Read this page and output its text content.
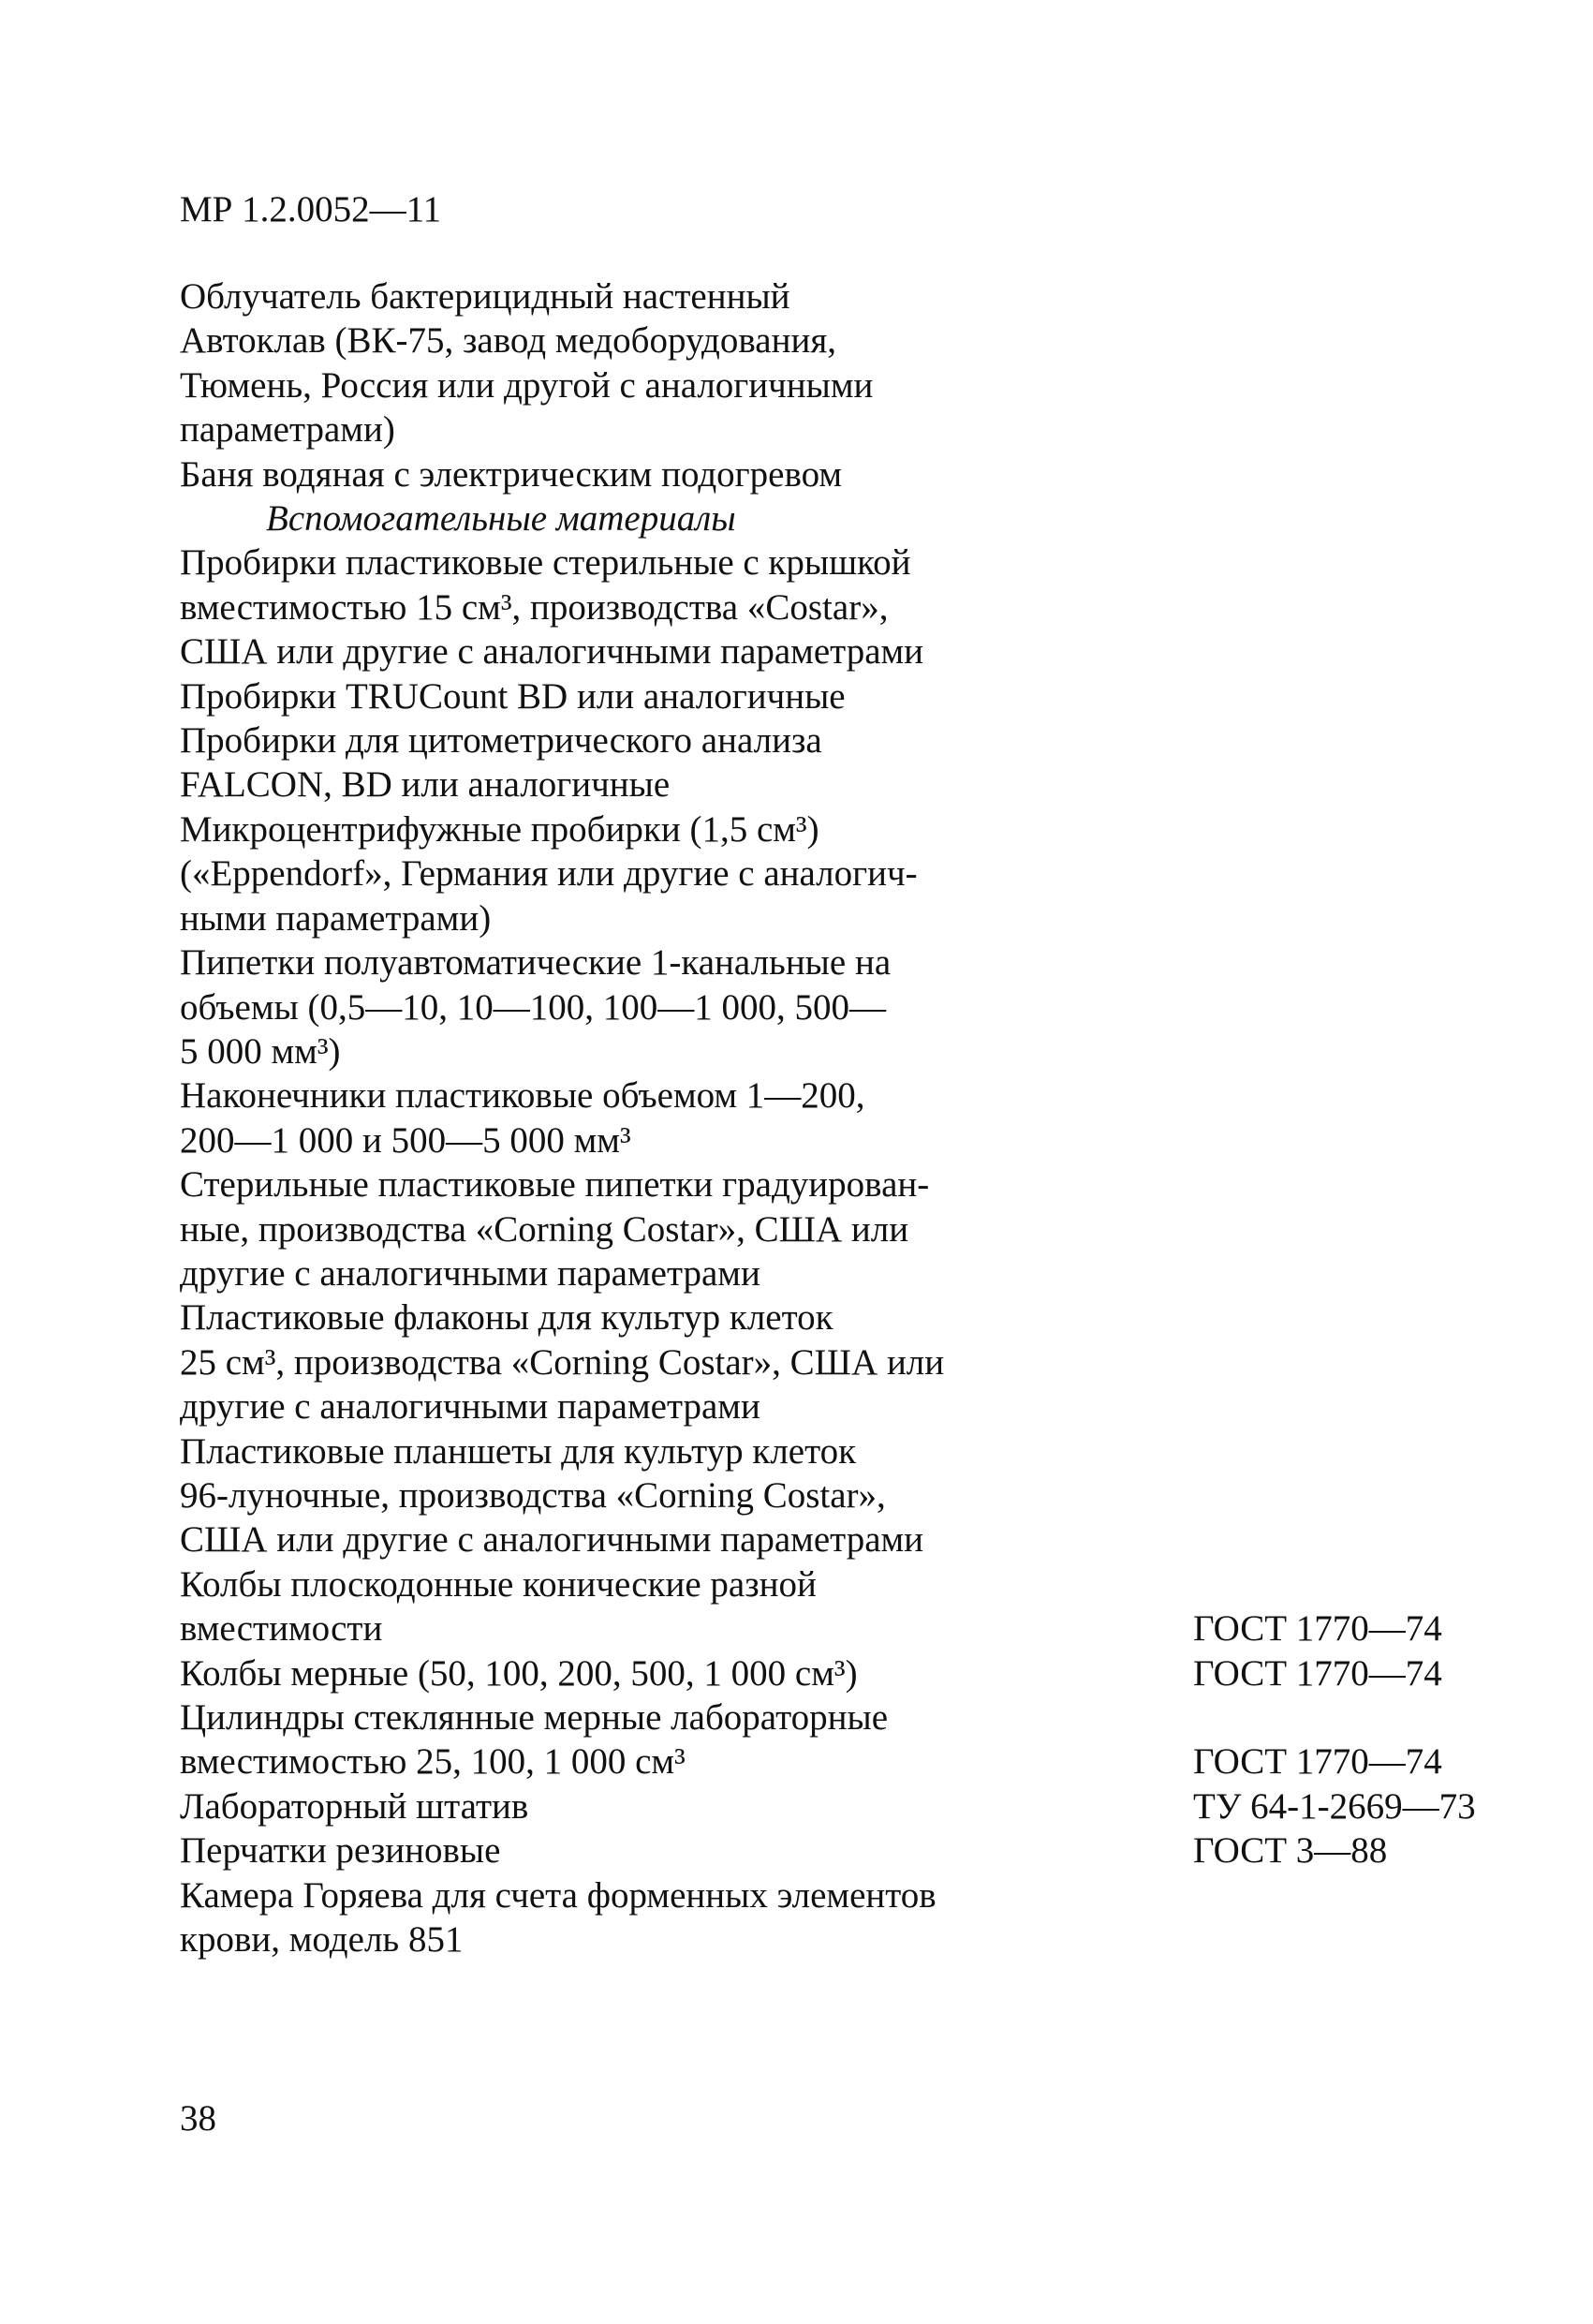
МР 1.2.0052—11
Облучатель бактерицидный настенный
Автоклав (ВК-75, завод медоборудования,
Тюмень, Россия или другой с аналогичными
параметрами)
Баня водяная с электрическим подогревом
Вспомогательные материалы
Пробирки пластиковые стерильные с крышкой
вместимостью 15 см³, производства «Costar»,
США или другие с аналогичными параметрами
Пробирки TRUCount BD или аналогичные
Пробирки для цитометрического анализа
FALCON, BD или аналогичные
Микроцентрифужные пробирки (1,5 см³)
(«Eppendorf», Германия или другие с аналогич-
ными параметрами)
Пипетки полуавтоматические 1-канальные на
объемы (0,5—10, 10—100, 100—1 000, 500—
5 000 мм³)
Наконечники пластиковые объемом 1—200,
200—1 000 и 500—5 000 мм³
Стерильные пластиковые пипетки градуирован-
ные, производства «Corning Costar», США или
другие с аналогичными параметрами
Пластиковые флаконы для культур клеток
25 см³, производства «Corning Costar», США или
другие с аналогичными параметрами
Пластиковые планшеты для культур клеток
96-луночные, производства «Corning Costar»,
США или другие с аналогичными параметрами
Колбы плоскодонные конические разной
вместимости	ГОСТ 1770—74
Колбы мерные (50, 100, 200, 500, 1 000 см³)	ГОСТ 1770—74
Цилиндры стеклянные мерные лабораторные
вместимостью 25, 100, 1 000 см³	ГОСТ 1770—74
Лабораторный штатив	ТУ 64-1-2669—73
Перчатки резиновые	ГОСТ 3—88
Камера Горяева для счета форменных элементов
крови, модель 851
38
